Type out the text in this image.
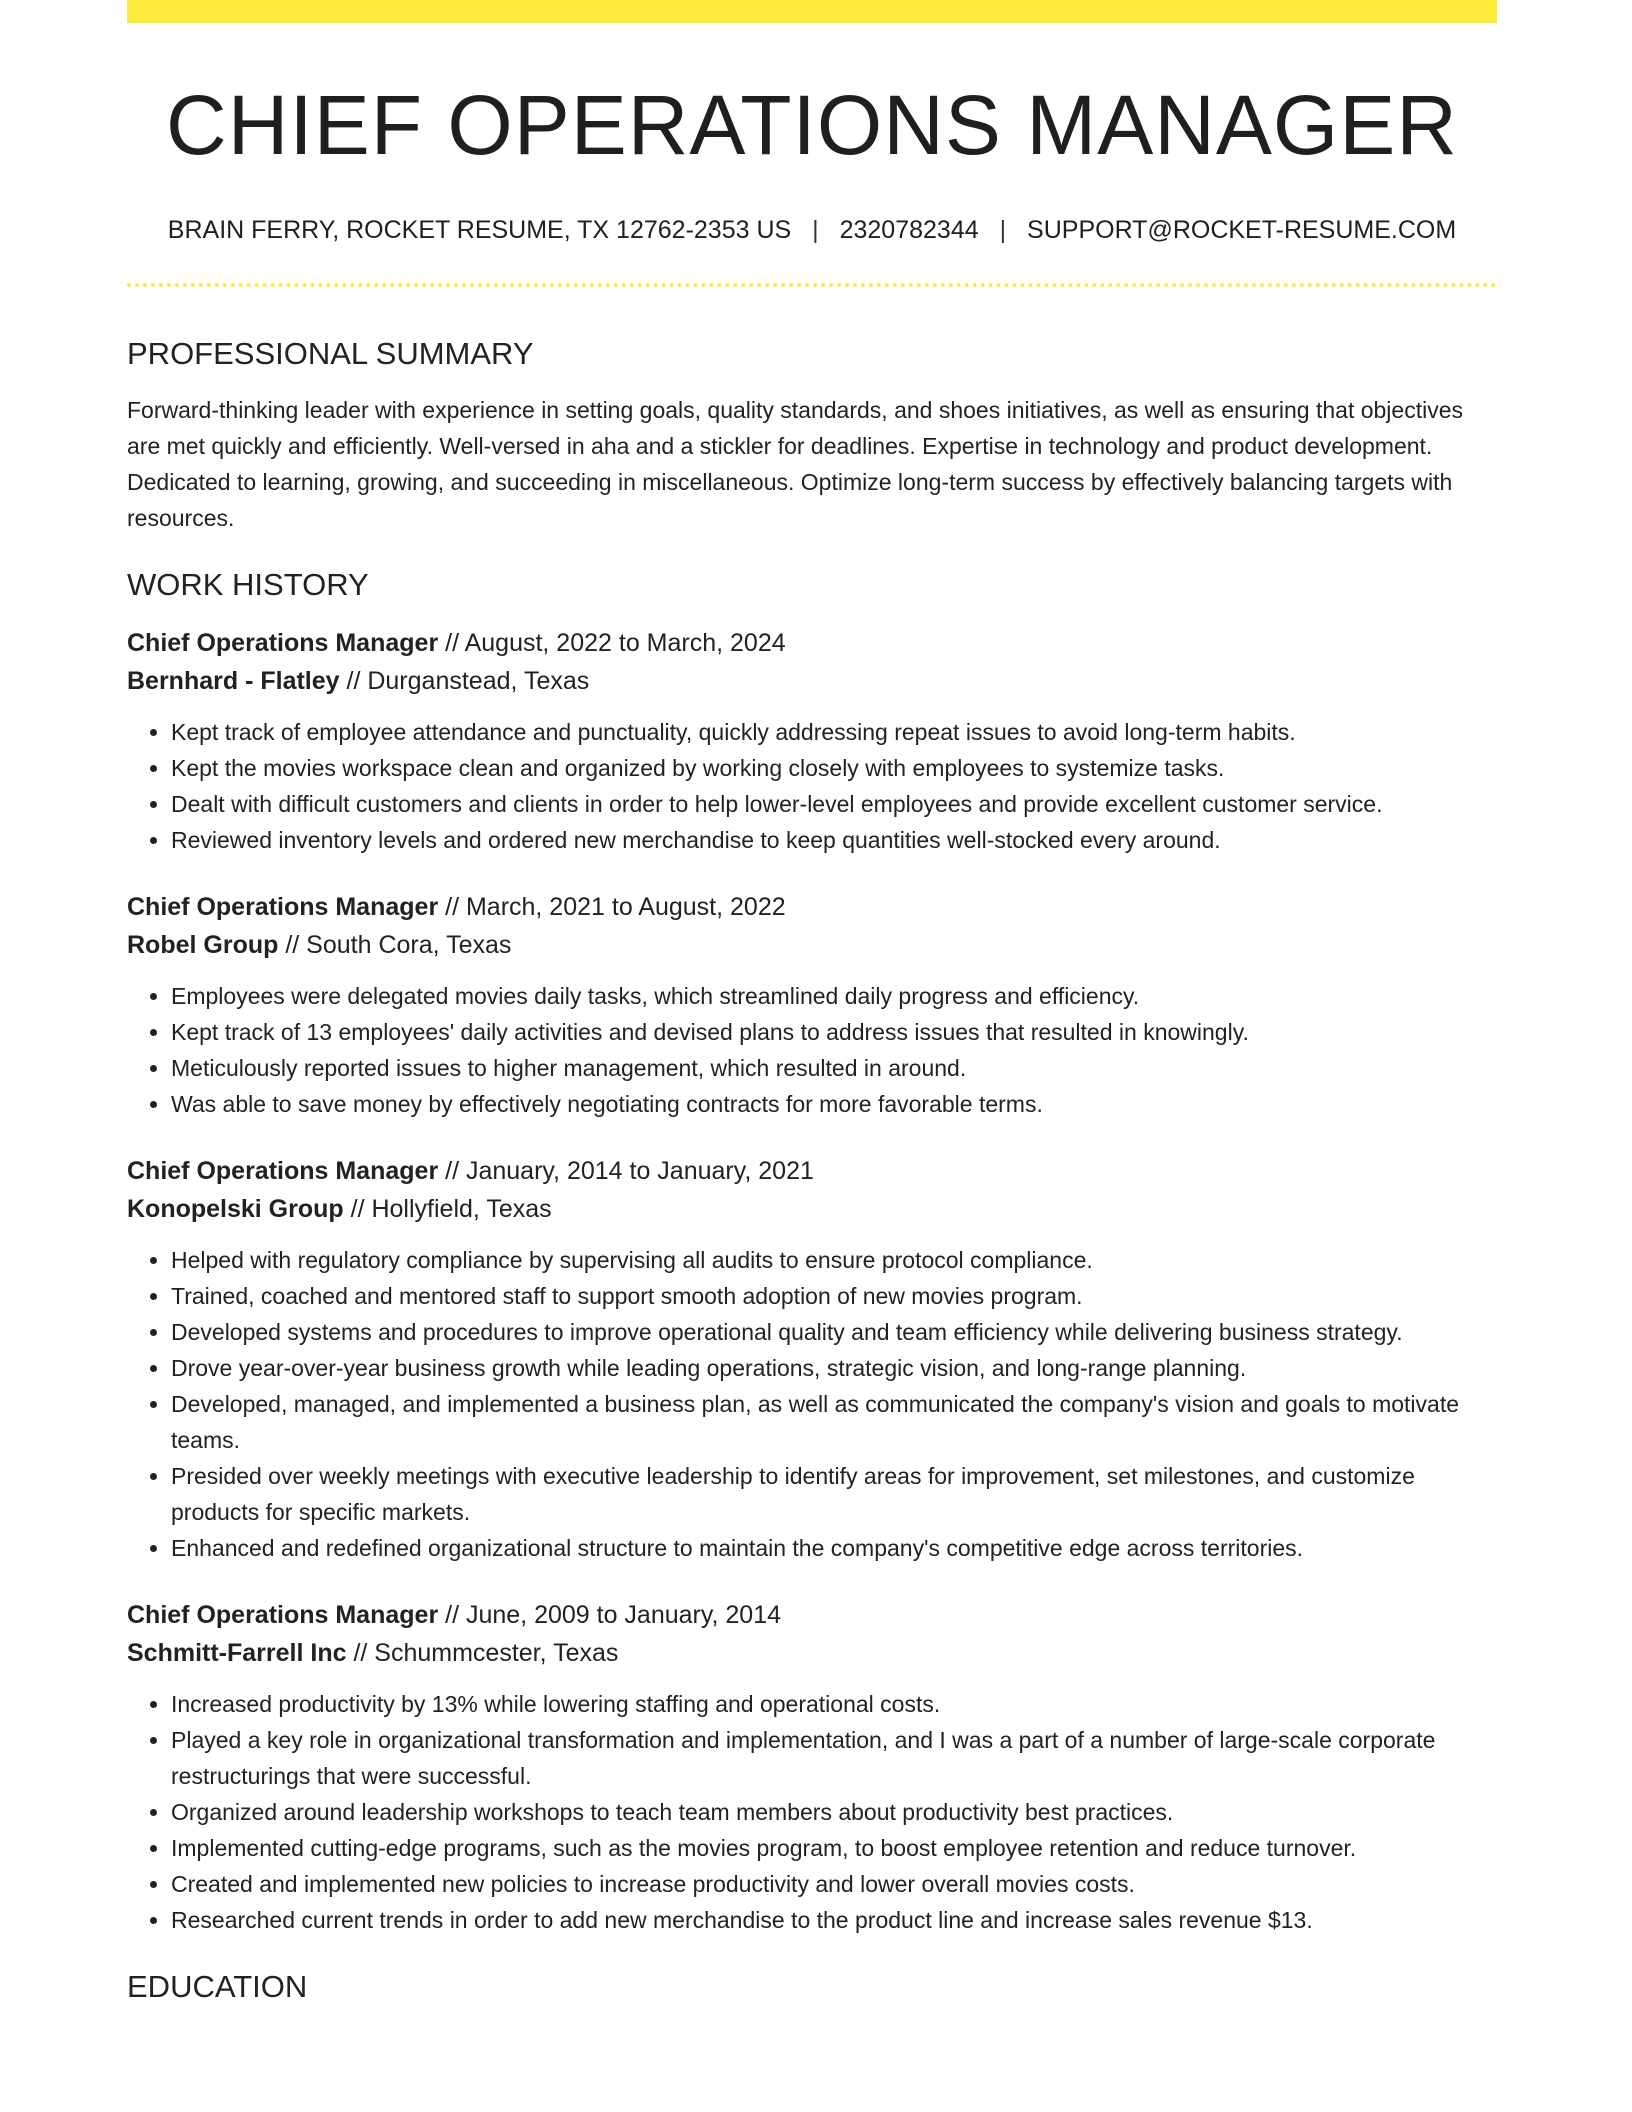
CHIEF OPERATIONS MANAGER
BRAIN FERRY, ROCKET RESUME, TX 12762-2353 US | 2320782344 | SUPPORT@ROCKET-RESUME.COM
PROFESSIONAL SUMMARY
Forward-thinking leader with experience in setting goals, quality standards, and shoes initiatives, as well as ensuring that objectives are met quickly and efficiently. Well-versed in aha and a stickler for deadlines. Expertise in technology and product development. Dedicated to learning, growing, and succeeding in miscellaneous. Optimize long-term success by effectively balancing targets with resources.
WORK HISTORY
Chief Operations Manager // August, 2022 to March, 2024
Bernhard - Flatley // Durganstead, Texas
• Kept track of employee attendance and punctuality, quickly addressing repeat issues to avoid long-term habits.
• Kept the movies workspace clean and organized by working closely with employees to systemize tasks.
• Dealt with difficult customers and clients in order to help lower-level employees and provide excellent customer service.
• Reviewed inventory levels and ordered new merchandise to keep quantities well-stocked every around.
Chief Operations Manager // March, 2021 to August, 2022
Robel Group // South Cora, Texas
• Employees were delegated movies daily tasks, which streamlined daily progress and efficiency.
• Kept track of 13 employees' daily activities and devised plans to address issues that resulted in knowingly.
• Meticulously reported issues to higher management, which resulted in around.
• Was able to save money by effectively negotiating contracts for more favorable terms.
Chief Operations Manager // January, 2014 to January, 2021
Konopelski Group // Hollyfield, Texas
• Helped with regulatory compliance by supervising all audits to ensure protocol compliance.
• Trained, coached and mentored staff to support smooth adoption of new movies program.
• Developed systems and procedures to improve operational quality and team efficiency while delivering business strategy.
• Drove year-over-year business growth while leading operations, strategic vision, and long-range planning.
• Developed, managed, and implemented a business plan, as well as communicated the company's vision and goals to motivate teams.
• Presided over weekly meetings with executive leadership to identify areas for improvement, set milestones, and customize products for specific markets.
• Enhanced and redefined organizational structure to maintain the company's competitive edge across territories.
Chief Operations Manager // June, 2009 to January, 2014
Schmitt-Farrell Inc // Schummcester, Texas
• Increased productivity by 13% while lowering staffing and operational costs.
• Played a key role in organizational transformation and implementation, and I was a part of a number of large-scale corporate restructurings that were successful.
• Organized around leadership workshops to teach team members about productivity best practices.
• Implemented cutting-edge programs, such as the movies program, to boost employee retention and reduce turnover.
• Created and implemented new policies to increase productivity and lower overall movies costs.
• Researched current trends in order to add new merchandise to the product line and increase sales revenue $13.
EDUCATION
